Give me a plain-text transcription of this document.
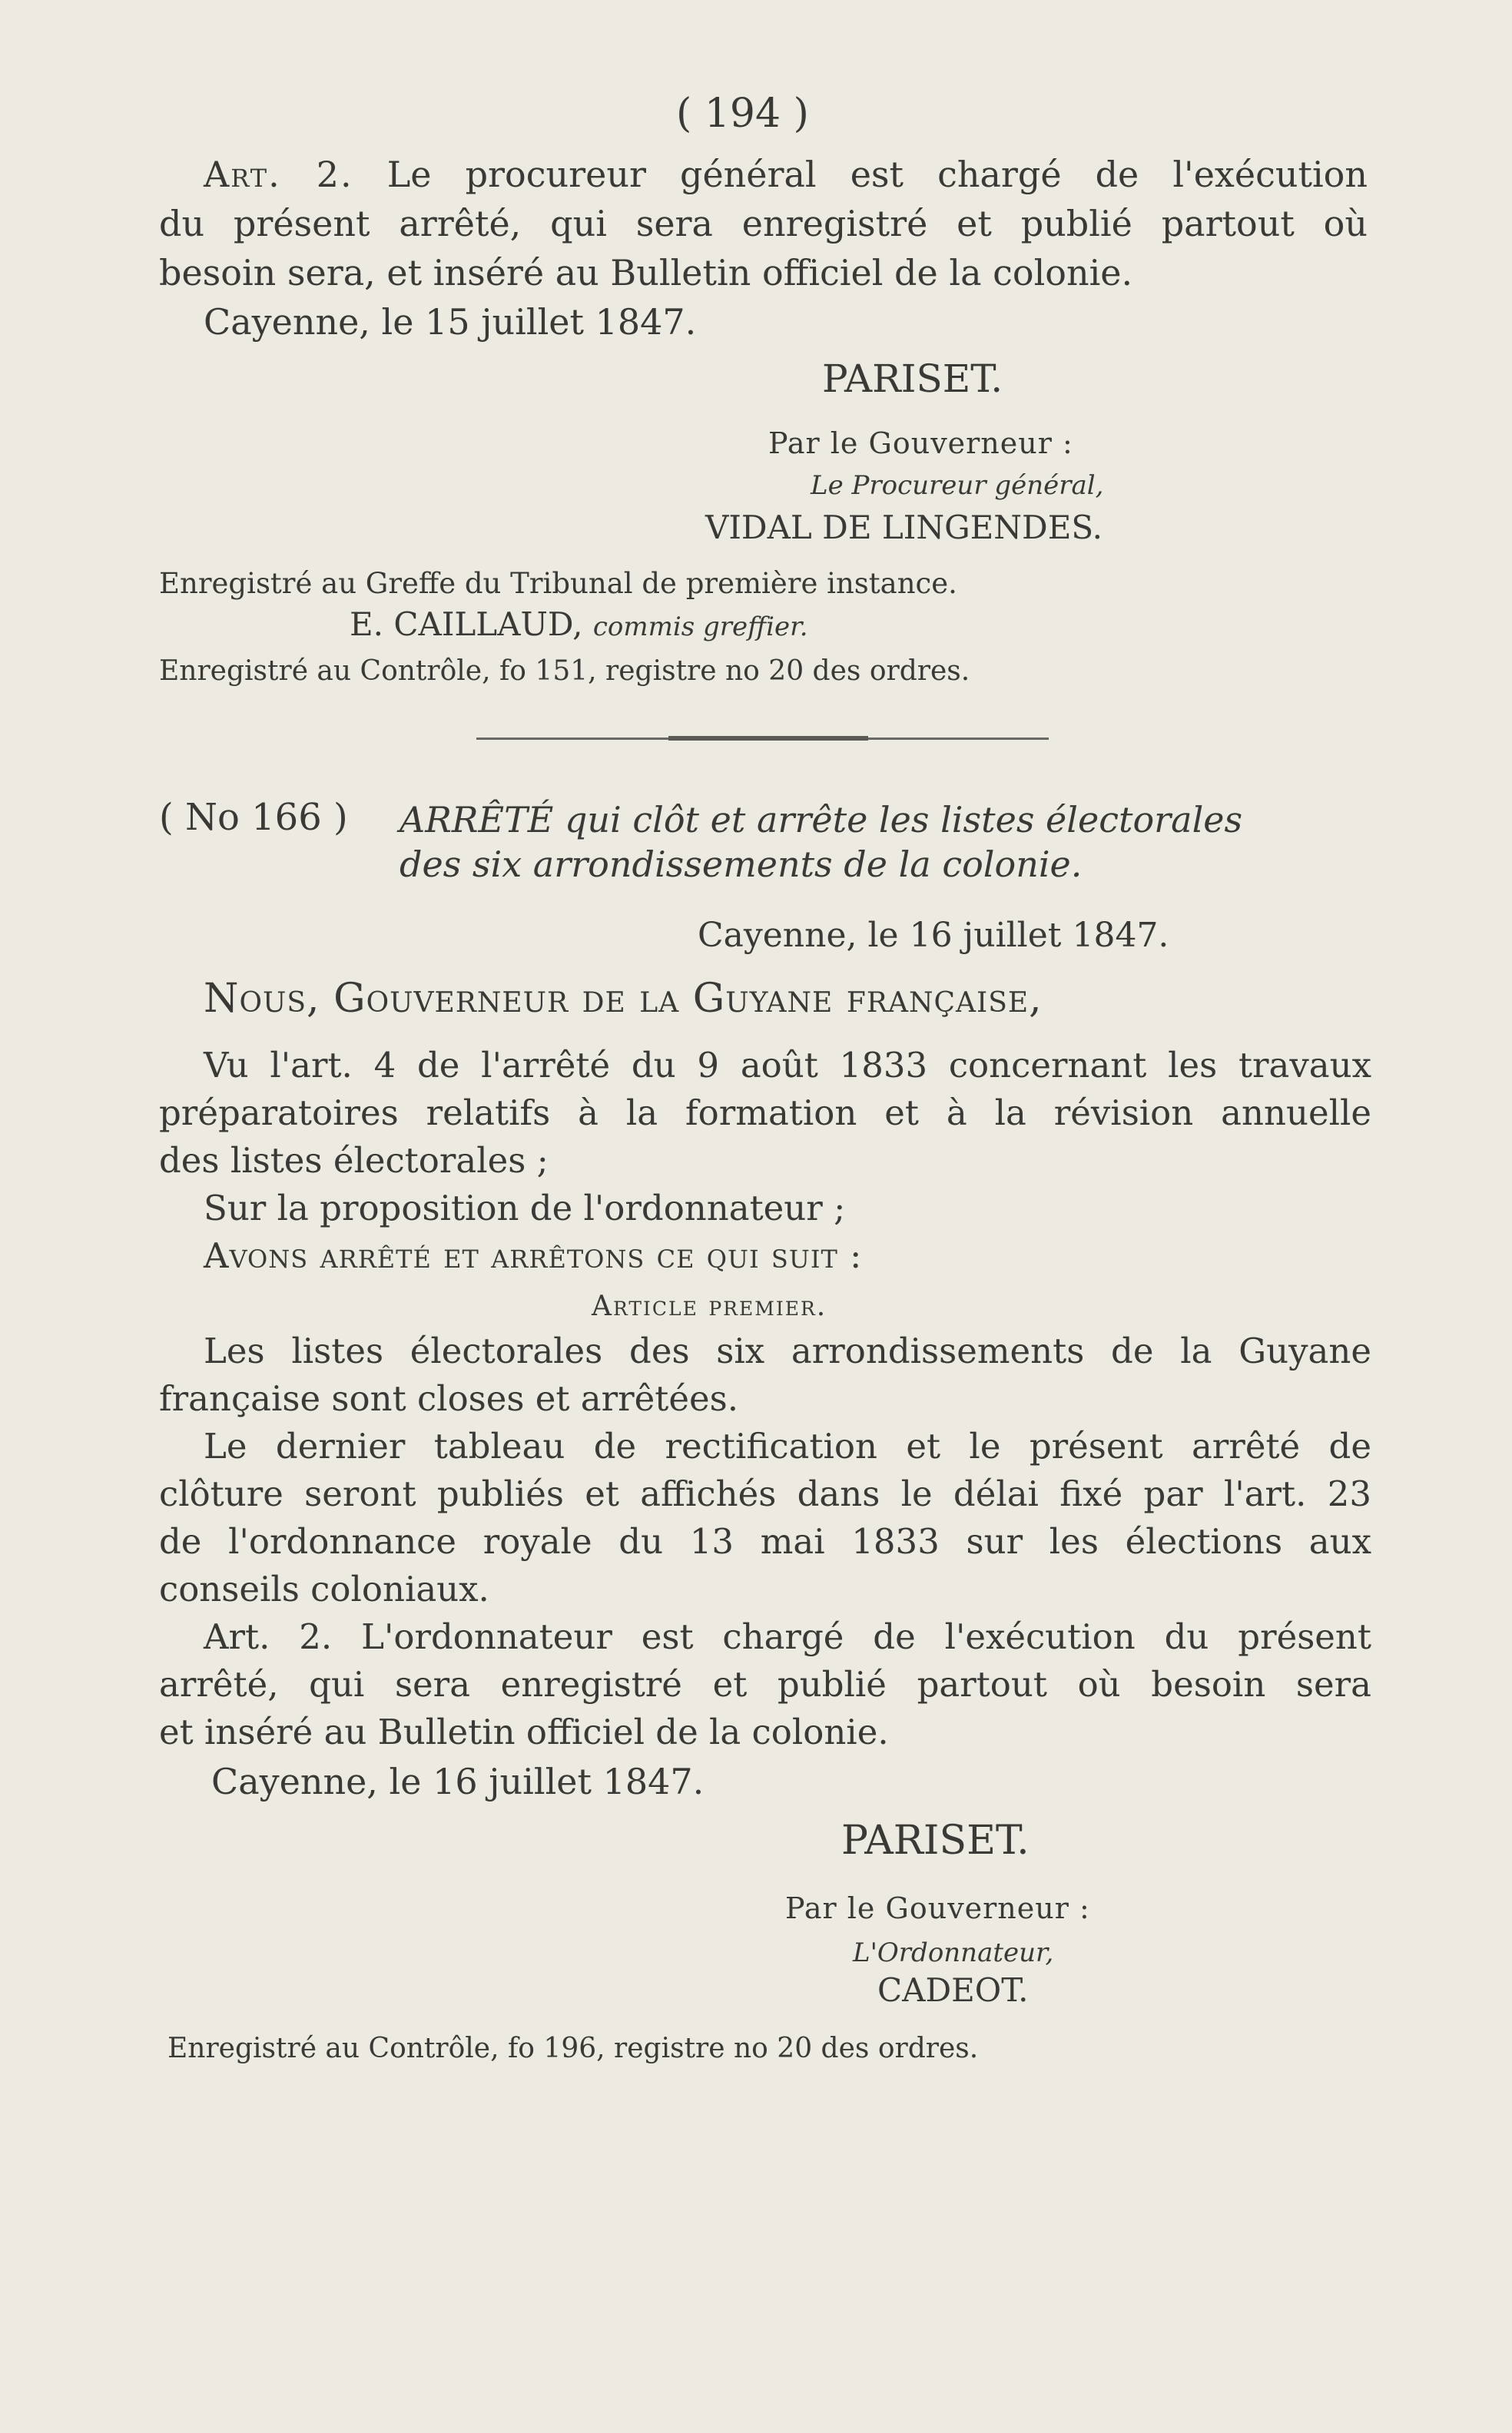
( 194 )
Art. 2. Le procureur général est chargé de l'exécution
du présent arrêté, qui sera enregistré et publié partout où
besoin sera, et inséré au Bulletin officiel de la colonie.
Cayenne, le 15 juillet 1847.
PARISET.
Par le Gouverneur :
Le Procureur général,
VIDAL DE LINGENDES.
Enregistré au Greffe du Tribunal de première instance.
E. CAILLAUD, commis greffier.
Enregistré au Contrôle, fo 151, registre no 20 des ordres.
( No 166 ) ARRÊTÉ qui clôt et arrête les listes électorales
des six arrondissements de la colonie.
Cayenne, le 16 juillet 1847.
Nous, Gouverneur de la Guyane française,
Vu l'art. 4 de l'arrêté du 9 août 1833 concernant les travaux
préparatoires relatifs à la formation et à la révision annuelle
des listes électorales ;
Sur la proposition de l'ordonnateur ;
Avons arrêté et arrêtons ce qui suit :
Article premier.
Les listes électorales des six arrondissements de la Guyane
française sont closes et arrêtées.
Le dernier tableau de rectification et le présent arrêté de
clôture seront publiés et affichés dans le délai fixé par l'art. 23
de l'ordonnance royale du 13 mai 1833 sur les élections aux
conseils coloniaux.
Art. 2. L'ordonnateur est chargé de l'exécution du présent
arrêté, qui sera enregistré et publié partout où besoin sera
et inséré au Bulletin officiel de la colonie.
Cayenne, le 16 juillet 1847.
PARISET.
Par le Gouverneur :
L'Ordonnateur,
CADEOT.
Enregistré au Contrôle, fo 196, registre no 20 des ordres.
